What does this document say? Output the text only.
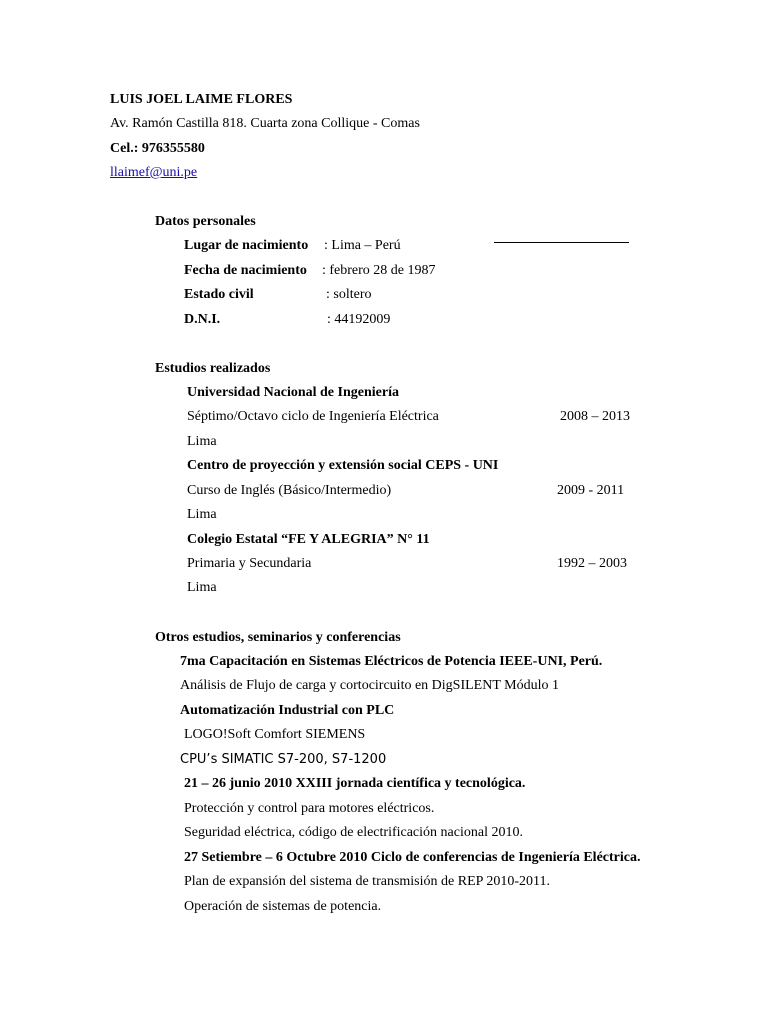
LUIS JOEL LAIME FLORES
Av. Ramón Castilla 818. Cuarta zona Collique - Comas
Cel.: 976355580
llaimef@uni.pe
Datos personales
Lugar de nacimiento : Lima – Perú
Fecha de nacimiento : febrero 28 de 1987
Estado civil	: soltero
D.N.I.	: 44192009
Estudios realizados
Universidad Nacional de Ingeniería
Séptimo/Octavo ciclo de Ingeniería Eléctrica	2008 – 2013
Lima
Centro de proyección y extensión social CEPS - UNI
Curso de Inglés (Básico/Intermedio)	2009 - 2011
Lima
Colegio Estatal “FE Y ALEGRIA” N° 11
Primaria y Secundaria	1992 – 2003
Lima
Otros estudios, seminarios y conferencias
7ma Capacitación en Sistemas Eléctricos de Potencia IEEE-UNI, Perú.
Análisis de Flujo de carga y cortocircuito en DigSILENT Módulo 1
Automatización Industrial con PLC
LOGO!Soft Comfort SIEMENS
CPU’s SIMATIC S7-200, S7-1200
21 – 26 junio 2010 XXIII jornada científica y tecnológica.
Protección y control para motores eléctricos.
Seguridad eléctrica, código de electrificación nacional 2010.
27 Setiembre – 6 Octubre 2010 Ciclo de conferencias de Ingeniería Eléctrica.
Plan de expansión del sistema de transmisión de REP 2010-2011.
Operación de sistemas de potencia.
